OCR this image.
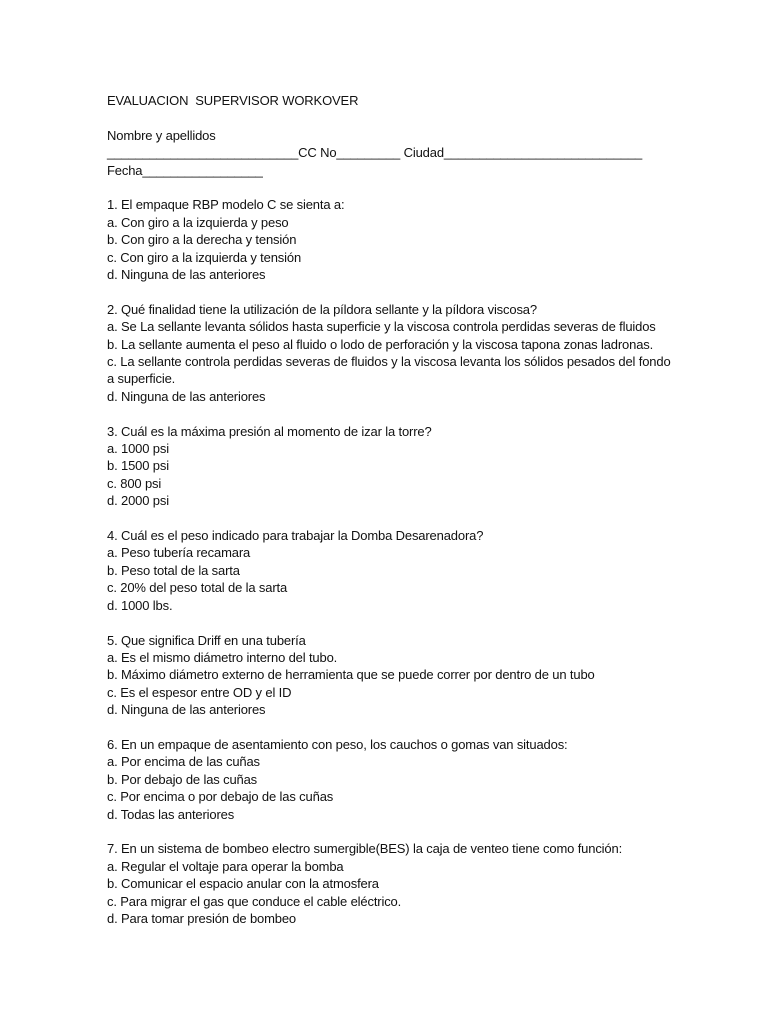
EVALUACION  SUPERVISOR WORKOVER

Nombre y apellidos

___________________________CC No_________ Ciudad____________________________

Fecha_________________

1. El empaque RBP modelo C se sienta a:

a. Con giro a la izquierda y peso

b. Con giro a la derecha y tensión

c. Con giro a la izquierda y tensión

d. Ninguna de las anteriores

2. Qué finalidad tiene la utilización de la píldora sellante y la píldora viscosa?

a. Se La sellante levanta sólidos hasta superficie y la viscosa controla perdidas severas de fluidos

b. La sellante aumenta el peso al fluido o lodo de perforación y la viscosa tapona zonas ladronas.

c. La sellante controla perdidas severas de fluidos y la viscosa levanta los sólidos pesados del fondo

a superficie.

d. Ninguna de las anteriores

3. Cuál es la máxima presión al momento de izar la torre?

a. 1000 psi

b. 1500 psi

c. 800 psi

d. 2000 psi

4. Cuál es el peso indicado para trabajar la Domba Desarenadora?

a. Peso tubería recamara

b. Peso total de la sarta

c. 20% del peso total de la sarta

d. 1000 lbs.

5. Que significa Driff en una tubería

a. Es el mismo diámetro interno del tubo.

b. Máximo diámetro externo de herramienta que se puede correr por dentro de un tubo

c. Es el espesor entre OD y el ID

d. Ninguna de las anteriores

6. En un empaque de asentamiento con peso, los cauchos o gomas van situados:

a. Por encima de las cuñas

b. Por debajo de las cuñas

c. Por encima o por debajo de las cuñas

d. Todas las anteriores

7. En un sistema de bombeo electro sumergible(BES) la caja de venteo tiene como función:

a. Regular el voltaje para operar la bomba

b. Comunicar el espacio anular con la atmosfera

c. Para migrar el gas que conduce el cable eléctrico.

d. Para tomar presión de bombeo
